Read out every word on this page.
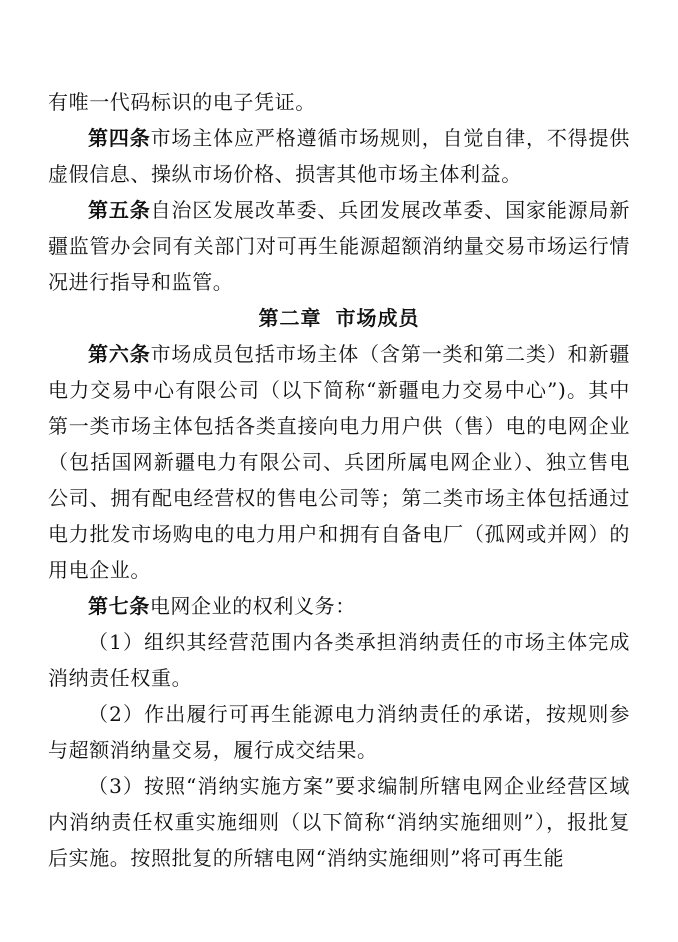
有唯一代码标识的电子凭证。

第四条市场主体应严格遵循市场规则，自觉自律，不得提供虚假信息、操纵市场价格、损害其他市场主体利益。

第五条自治区发展改革委、兵团发展改革委、国家能源局新疆监管办会同有关部门对可再生能源超额消纳量交易市场运行情况进行指导和监管。

第二章 市场成员

第六条市场成员包括市场主体（含第一类和第二类）和新疆电力交易中心有限公司（以下简称“新疆电力交易中心”)。其中第一类市场主体包括各类直接向电力用户供（售）电的电网企业（包括国网新疆电力有限公司、兵团所属电网企业）、独立售电公司、拥有配电经营权的售电公司等；第二类市场主体包括通过电力批发市场购电的电力用户和拥有自备电厂（孤网或并网）的用电企业。

第七条电网企业的权利义务：

（1）组织其经营范围内各类承担消纳责任的市场主体完成消纳责任权重。

（2）作出履行可再生能源电力消纳责任的承诺，按规则参与超额消纳量交易，履行成交结果。

（3）按照“消纳实施方案”要求编制所辖电网企业经营区域内消纳责任权重实施细则（以下简称“消纳实施细则”），报批复后实施。按照批复的所辖电网“消纳实施细则”将可再生能
